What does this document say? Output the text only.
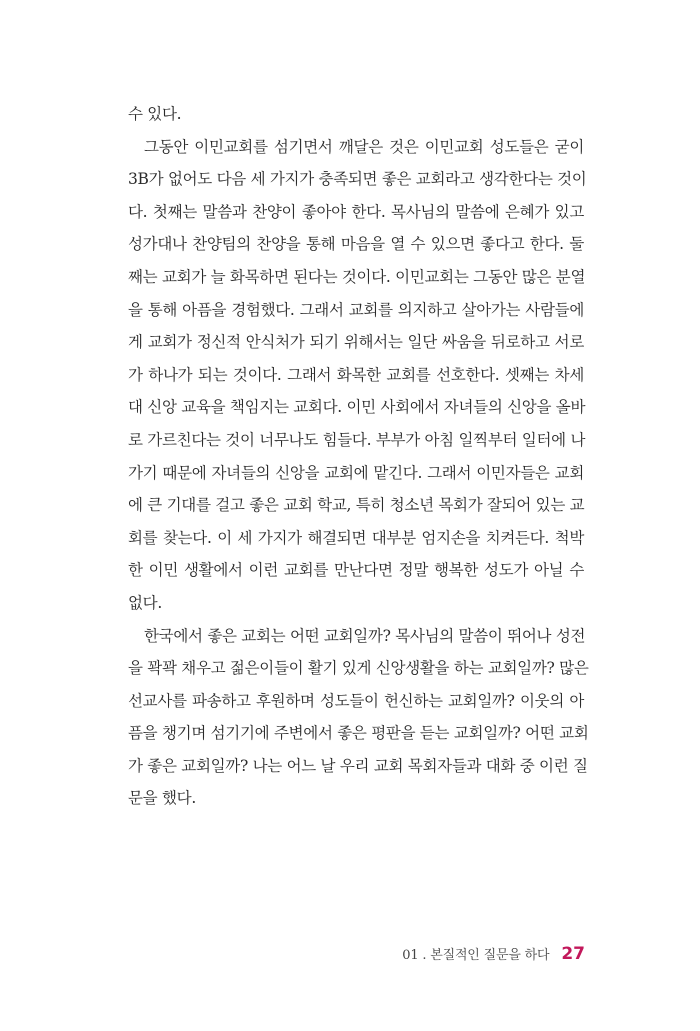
수 있다.
그동안 이민교회를 섬기면서 깨달은 것은 이민교회 성도들은 굳이
3B가 없어도 다음 세 가지가 충족되면 좋은 교회라고 생각한다는 것이
다. 첫째는 말씀과 찬양이 좋아야 한다. 목사님의 말씀에 은혜가 있고
성가대나 찬양팀의 찬양을 통해 마음을 열 수 있으면 좋다고 한다. 둘
째는 교회가 늘 화목하면 된다는 것이다. 이민교회는 그동안 많은 분열
을 통해 아픔을 경험했다. 그래서 교회를 의지하고 살아가는 사람들에
게 교회가 정신적 안식처가 되기 위해서는 일단 싸움을 뒤로하고 서로
가 하나가 되는 것이다. 그래서 화목한 교회를 선호한다. 셋째는 차세
대 신앙 교육을 책임지는 교회다. 이민 사회에서 자녀들의 신앙을 올바
로 가르친다는 것이 너무나도 힘들다. 부부가 아침 일찍부터 일터에 나
가기 때문에 자녀들의 신앙을 교회에 맡긴다. 그래서 이민자들은 교회
에 큰 기대를 걸고 좋은 교회 학교, 특히 청소년 목회가 잘되어 있는 교
회를 찾는다. 이 세 가지가 해결되면 대부분 엄지손을 치켜든다. 척박
한 이민 생활에서 이런 교회를 만난다면 정말 행복한 성도가 아닐 수
없다.
한국에서 좋은 교회는 어떤 교회일까? 목사님의 말씀이 뛰어나 성전
을 꽉꽉 채우고 젊은이들이 활기 있게 신앙생활을 하는 교회일까? 많은
선교사를 파송하고 후원하며 성도들이 헌신하는 교회일까? 이웃의 아
픔을 챙기며 섬기기에 주변에서 좋은 평판을 듣는 교회일까? 어떤 교회
가 좋은 교회일까? 나는 어느 날 우리 교회 목회자들과 대화 중 이런 질
문을 했다.
01 . 본질적인 질문을 하다 27
